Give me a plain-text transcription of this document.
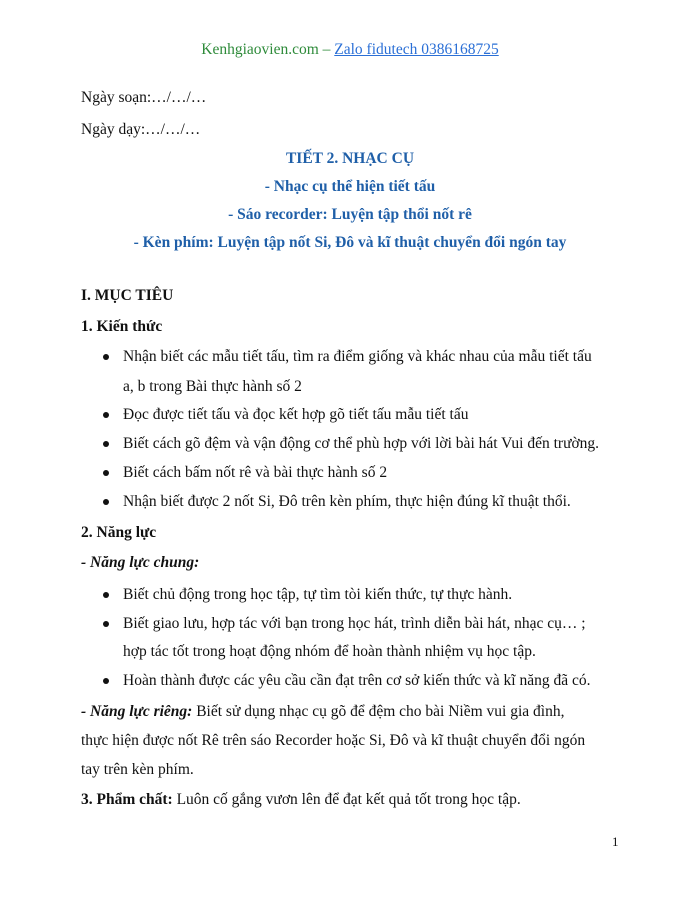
Kenhgiaovien.com – Zalo fidutech 0386168725
Ngày soạn:…/…/…
Ngày dạy:…/…/…
TIẾT 2. NHẠC CỤ
- Nhạc cụ thể hiện tiết tấu
- Sáo recorder: Luyện tập thổi nốt rê
- Kèn phím: Luyện tập nốt Si, Đô và kĩ thuật chuyển đổi ngón tay
I. MỤC TIÊU
1. Kiến thức
Nhận biết các mẫu tiết tấu, tìm ra điểm giống và khác nhau của mẫu tiết tấu
a, b trong Bài thực hành số 2
Đọc được tiết tấu và đọc kết hợp gõ tiết tấu mẫu tiết tấu
Biết cách gõ đệm và vận động cơ thể phù hợp với lời bài hát Vui đến trường.
Biết cách bấm nốt rê và bài thực hành số 2
Nhận biết được 2 nốt Si, Đô trên kèn phím, thực hiện đúng kĩ thuật thổi.
2. Năng lực
- Năng lực chung:
Biết chủ động trong học tập, tự tìm tòi kiến thức, tự thực hành.
Biết giao lưu, hợp tác với bạn trong học hát, trình diễn bài hát, nhạc cụ… ;
hợp tác tốt trong hoạt động nhóm để hoàn thành nhiệm vụ học tập.
Hoàn thành được các yêu cầu cần đạt trên cơ sở kiến thức và kĩ năng đã có.
- Năng lực riêng: Biết sử dụng nhạc cụ gõ để đệm cho bài Niềm vui gia đình,
thực hiện được nốt Rê trên sáo Recorder hoặc Si, Đô và kĩ thuật chuyển đổi ngón
tay trên kèn phím.
3. Phẩm chất: Luôn cố gắng vươn lên để đạt kết quả tốt trong học tập.
1
